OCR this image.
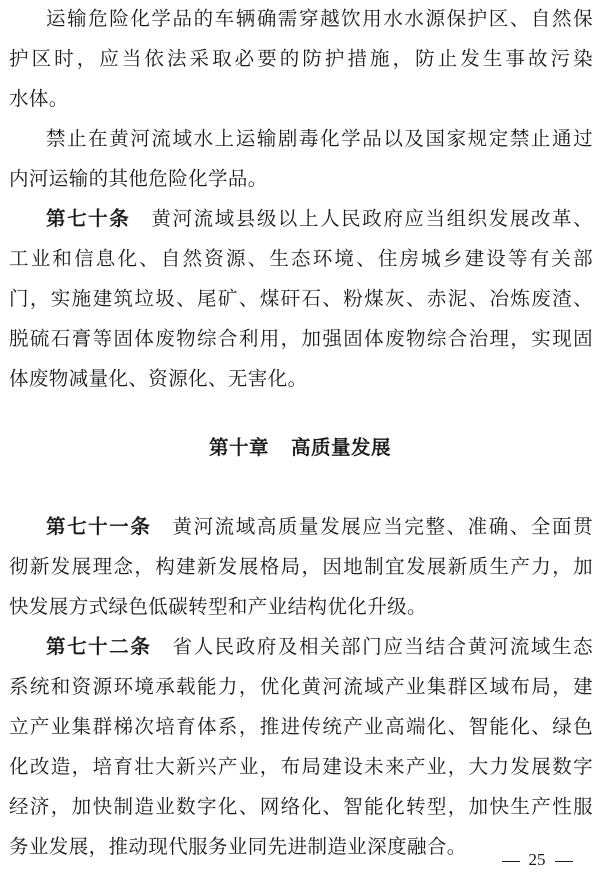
运输危险化学品的车辆确需穿越饮用水水源保护区、自然保
护区时，应当依法采取必要的防护措施，防止发生事故污染
水体。
禁止在黄河流域水上运输剧毒化学品以及国家规定禁止通过
内河运输的其他危险化学品。
第七十条  黄河流域县级以上人民政府应当组织发展改革、
工业和信息化、自然资源、生态环境、住房城乡建设等有关部
门，实施建筑垃圾、尾矿、煤矸石、粉煤灰、赤泥、冶炼废渣、
脱硫石膏等固体废物综合利用，加强固体废物综合治理，实现固
体废物减量化、资源化、无害化。
第十章 高质量发展
第七十一条  黄河流域高质量发展应当完整、准确、全面贯
彻新发展理念，构建新发展格局，因地制宜发展新质生产力，加
快发展方式绿色低碳转型和产业结构优化升级。
第七十二条  省人民政府及相关部门应当结合黄河流域生态
系统和资源环境承载能力，优化黄河流域产业集群区域布局，建
立产业集群梯次培育体系，推进传统产业高端化、智能化、绿色
化改造，培育壮大新兴产业，布局建设未来产业，大力发展数字
经济，加快制造业数字化、网络化、智能化转型，加快生产性服
务业发展，推动现代服务业同先进制造业深度融合。
25
